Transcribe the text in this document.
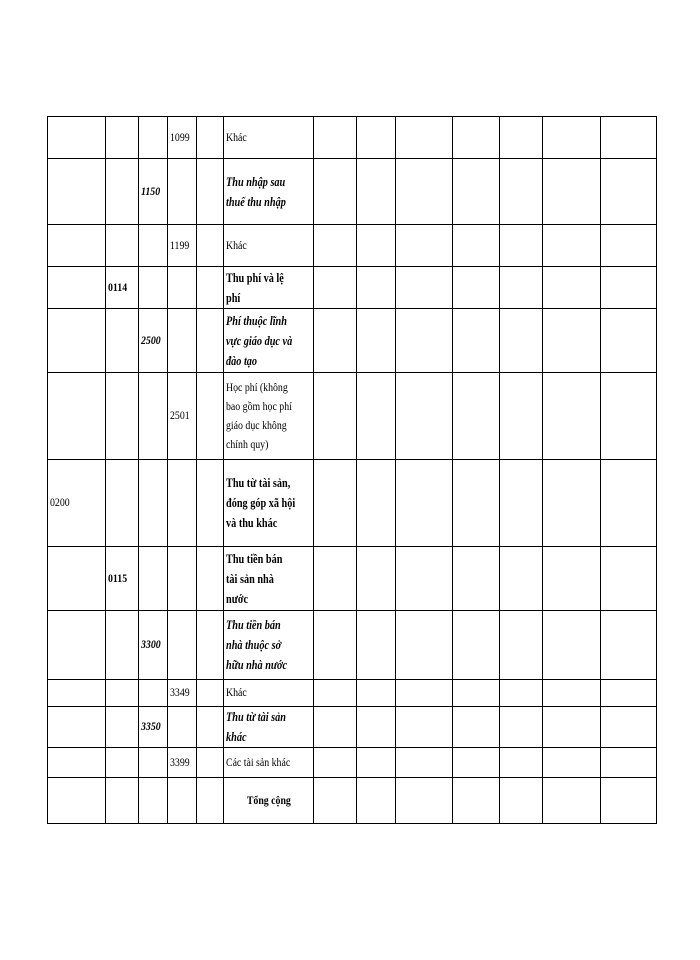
			1099		Khác							
		1150			Thu nhập sau thuế thu nhập							
			1199		Khác							
	0114				Thu phí và lệ phí							
		2500			Phí thuộc lĩnh vực giáo dục và đào tạo							
			2501		Học phí (không bao gồm học phí giáo dục không chính quy)							
0200					Thu từ tài sản, đóng góp xã hội và thu khác							
	0115				Thu tiền bán tài sản nhà nước							
		3300			Thu tiền bán nhà thuộc sở hữu nhà nước							
			3349		Khác							
		3350			Thu từ tài sản khác							
			3399		Các tài sản khác							
					Tổng cộng							
